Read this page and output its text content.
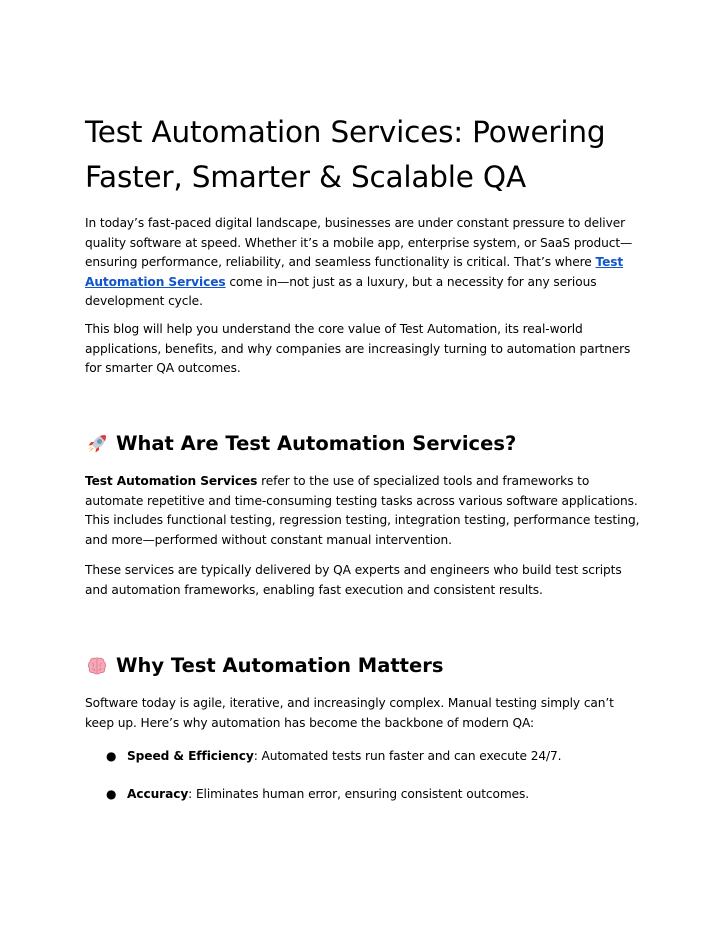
Test Automation Services: Powering
Faster, Smarter & Scalable QA

In today’s fast-paced digital landscape, businesses are under constant pressure to deliver quality software at speed. Whether it’s a mobile app, enterprise system, or SaaS product—ensuring performance, reliability, and seamless functionality is critical. That’s where Test Automation Services come in—not just as a luxury, but a necessity for any serious development cycle.

This blog will help you understand the core value of Test Automation, its real-world applications, benefits, and why companies are increasingly turning to automation partners for smarter QA outcomes.

What Are Test Automation Services?

Test Automation Services refer to the use of specialized tools and frameworks to automate repetitive and time-consuming testing tasks across various software applications. This includes functional testing, regression testing, integration testing, performance testing, and more—performed without constant manual intervention.

These services are typically delivered by QA experts and engineers who build test scripts and automation frameworks, enabling fast execution and consistent results.

Why Test Automation Matters

Software today is agile, iterative, and increasingly complex. Manual testing simply can’t keep up. Here’s why automation has become the backbone of modern QA:

● Speed & Efficiency: Automated tests run faster and can execute 24/7.
● Accuracy: Eliminates human error, ensuring consistent outcomes.
